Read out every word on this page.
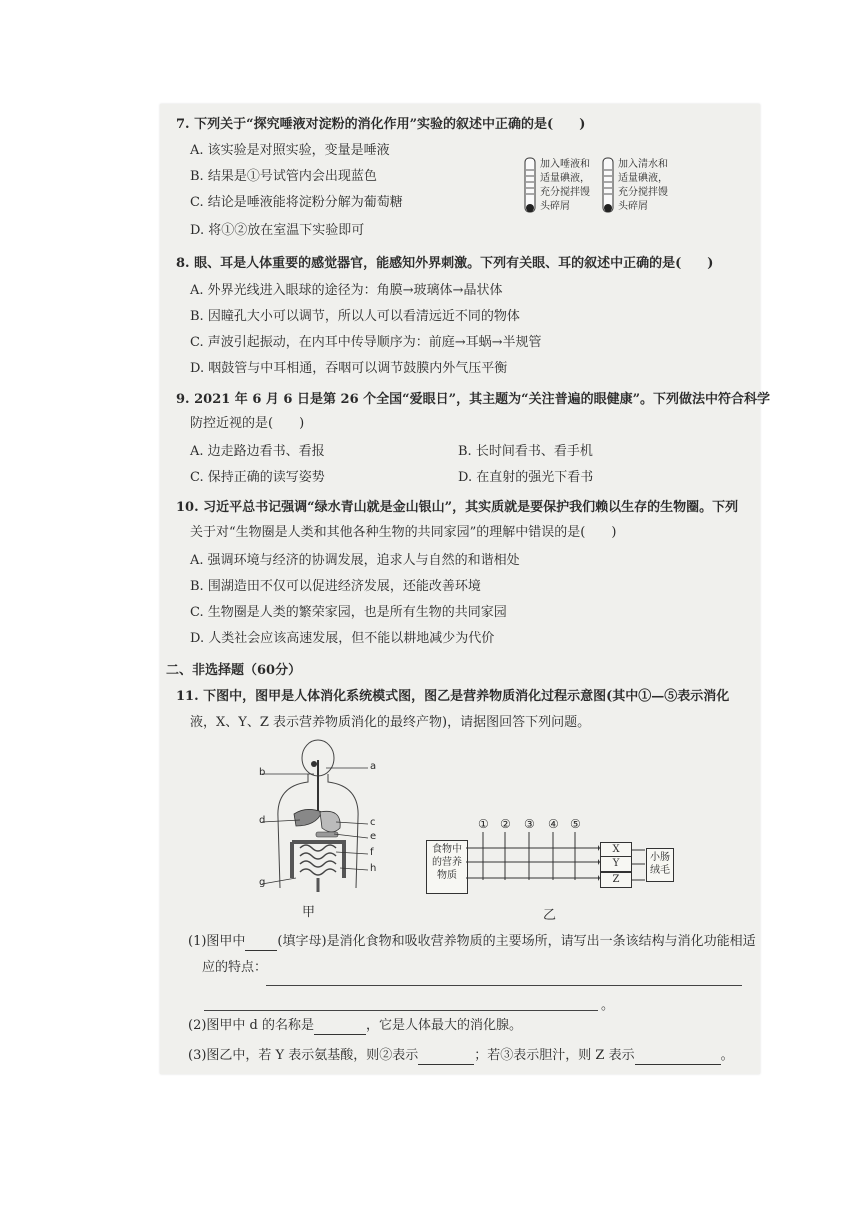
7. 下列关于“探究唾液对淀粉的消化作用”实验的叙述中正确的是(　　)
A. 该实验是对照实验，变量是唾液
B. 结果是①号试管内会出现蓝色
C. 结论是唾液能将淀粉分解为葡萄糖
D. 将①②放在室温下实验即可
加入唾液和
适量碘液，
充分搅拌馒
头碎屑
加入清水和
适量碘液，
充分搅拌馒
头碎屑
8. 眼、耳是人体重要的感觉器官，能感知外界刺激。下列有关眼、耳的叙述中正确的是(　　)
A. 外界光线进入眼球的途径为：角膜→玻璃体→晶状体
B. 因瞳孔大小可以调节，所以人可以看清远近不同的物体
C. 声波引起振动，在内耳中传导顺序为：前庭→耳蜗→半规管
D. 咽鼓管与中耳相通，吞咽可以调节鼓膜内外气压平衡
9. 2021 年 6 月 6 日是第 26 个全国“爱眼日”，其主题为“关注普遍的眼健康”。下列做法中符合科学
防控近视的是(　　)
A. 边走路边看书、看报	B. 长时间看书、看手机
C. 保持正确的读写姿势	D. 在直射的强光下看书
10. 习近平总书记强调“绿水青山就是金山银山”，其实质就是要保护我们赖以生存的生物圈。下列
关于对“生物圈是人类和其他各种生物的共同家园”的理解中错误的是(　　)
A. 强调环境与经济的协调发展，追求人与自然的和谐相处
B. 围湖造田不仅可以促进经济发展，还能改善环境
C. 生物圈是人类的繁荣家园，也是所有生物的共同家园
D. 人类社会应该高速发展，但不能以耕地减少为代价
二、非选择题（60分）
11. 下图中，图甲是人体消化系统模式图，图乙是营养物质消化过程示意图(其中①—⑤表示消化
液，X、Y、Z 表示营养物质消化的最终产物)，请据图回答下列问题。
a
b
c
d
e
f
g
h
甲
食物中
的营养
物质
① ② ③ ④ ⑤
X
Y
Z
小肠
绒毛
乙
(1)图甲中 (填字母)是消化食物和吸收营养物质的主要场所，请写出一条该结构与消化功能相适
应的特点：
。
(2)图甲中 d 的名称是	，它是人体最大的消化腺。
(3)图乙中，若 Y 表示氨基酸，则②表示	；若③表示胆汁，则 Z 表示	。
